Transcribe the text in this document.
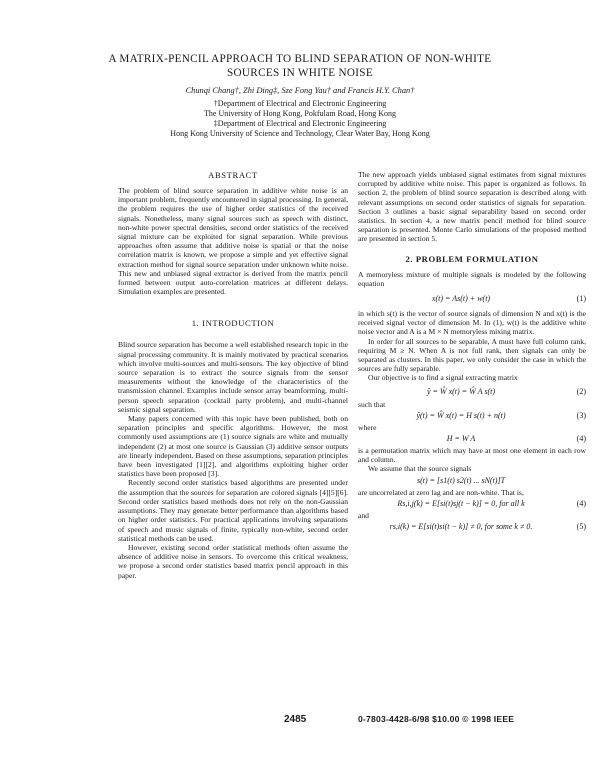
A MATRIX-PENCIL APPROACH TO BLIND SEPARATION OF NON-WHITE
SOURCES IN WHITE NOISE
Chunqi Chang†, Zhi Ding‡, Sze Fong Yau† and Francis H.Y. Chan†
†Department of Electrical and Electronic Engineering
The University of Hong Kong, Pokfulam Road, Hong Kong
‡Department of Electrical and Electronic Engineering
Hong Kong University of Science and Technology, Clear Water Bay, Hong Kong

ABSTRACT

The problem of blind source separation in additive white noise is an important problem, frequently encountered in signal processing. In general, the problem requires the use of higher order statistics of the received signals. Nonetheless, many signal sources such as speech with distinct, non-white power spectral densities, second order statistics of the received signal mixture can be exploited for signal separation. While previous approaches often assume that additive noise is spatial or that the noise correlation matrix is known, we propose a simple and yet effective signal extraction method for signal source separation under unknown white noise. This new and unbiased signal extractor is derived from the matrix pencil formed between output auto-correlation matrices at different delays. Simulation examples are presented.

1. INTRODUCTION

Blind source separation has become a well established research topic in the signal processing community. It is mainly motivated by practical scenarios which involve multi-sources and multi-sensors. The key objective of blind source separation is to extract the source signals from the sensor measurements without the knowledge of the characteristics of the transmission channel. Examples include sensor array beamforming, multi-person speech separation (cocktail party problem), and multi-channel seismic signal separation.

Many papers concerned with this topic have been published, both on separation principles and specific algorithms. However, the most commonly used assumptions are (1) source signals are white and mutually independent (2) at most one source is Gaussian (3) additive sensor outputs are linearly independent. Based on these assumptions, separation principles have been investigated [1][2], and algorithms exploiting higher order statistics have been proposed [3].

Recently second order statistics based algorithms are presented under the assumption that the sources for separation are colored signals [4][5][6]. Second order statistics based methods does not rely on the non-Gaussian assumptions. They may generate better performance than algorithms based on higher order statistics. For practical applications involving separations of speech and music signals of finite, typically non-white, second order statistical methods can be used.

However, existing second order statistical methods often assume the absence of additive noise in sensors. To overcome this critical weakness, we propose a second order statistics based matrix pencil approach in this paper.

The new approach yields unbiased signal estimates from signal mixtures corrupted by additive white noise. This paper is organized as follows. In section 2, the problem of blind source separation is described along with relevant assumptions on second order statistics of signals for separation. Section 3 outlines a basic signal separability based on second order statistics. In section 4, a new matrix pencil method for blind source separation is presented. Monte Carlo simulations of the proposed method are presented in section 5.

2. PROBLEM FORMULATION

A memoryless mixture of multiple signals is modeled by the following equation

x(t) = As(t) + w(t)	(1)

in which s(t) is the vector of source signals of dimension N and x(t) is the received signal vector of dimension M. In (1), w(t) is the additive white noise vector and A is a M × N memoryless mixing matrix.

In order for all sources to be separable, A must have full column rank, requiring M ≥ N. When A is not full rank, then signals can only be separated as clusters. In this paper, we only consider the case in which the sources are fully separable.

Our objective is to find a signal extracting matrix

ŷ = Ŵ x(t) = Ŵ A s(t)	(2)

such that

ŷ(t) = Ŵ x(t) = H s(t) + n(t)	(3)

where

H = W A	(4)

is a permutation matrix which may have at most one element in each row and column.

We assume that the source signals

s(t) = [s1(t) s2(t) ... sN(t)]T

are uncorrelated at zero lag and are non-white. That is,

Rs,i,j(k) = E[si(t)sj(t − k)] = 0, for all k	(4)

and

rs,i(k) = E[si(t)si(t − k)] ≠ 0, for some k ≠ 0.	(5)
2485	0-7803-4428-6/98 $10.00 © 1998 IEEE
